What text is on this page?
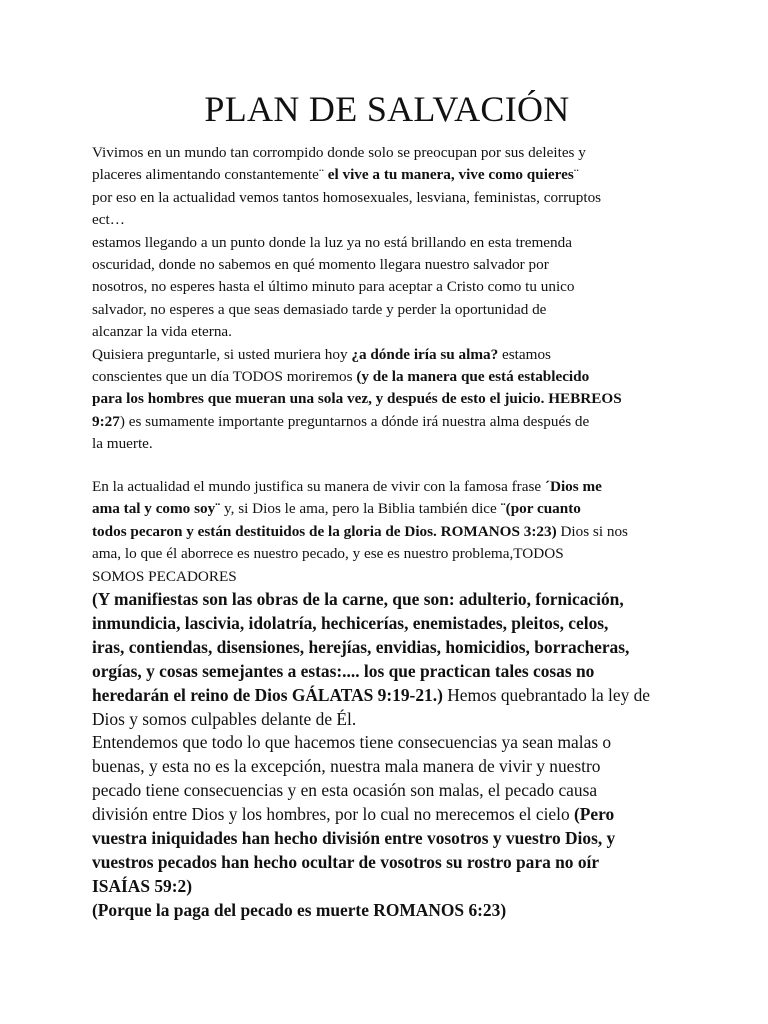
PLAN DE SALVACIÓN

Vivimos en un mundo tan corrompido donde solo se preocupan por sus deleites y
placeres alimentando constantemente¨ el vive a tu manera, vive como quieres¨
por eso en la actualidad vemos tantos homosexuales, lesviana, feministas, corruptos
ect…
estamos llegando a un punto donde la luz ya no está brillando en esta tremenda
oscuridad, donde no sabemos en qué momento llegara nuestro salvador por
nosotros, no esperes hasta el último minuto para aceptar a Cristo como tu unico
salvador, no esperes a que seas demasiado tarde y perder la oportunidad de
alcanzar la vida eterna.
Quisiera preguntarle, si usted muriera hoy ¿a dónde iría su alma? estamos
conscientes que un día TODOS moriremos (y de la manera que está establecido
para los hombres que mueran una sola vez, y después de esto el juicio. HEBREOS
9:27) es sumamente importante preguntarnos a dónde irá nuestra alma después de
la muerte.

En la actualidad el mundo justifica su manera de vivir con la famosa frase ´Dios me
ama tal y como soy¨ y, si Dios le ama, pero la Biblia también dice ¨(por cuanto
todos pecaron y están destituidos de la gloria de Dios. ROMANOS 3:23) Dios si nos
ama, lo que él aborrece es nuestro pecado, y ese es nuestro problema,TODOS
SOMOS PECADORES

(Y manifiestas son las obras de la carne, que son: adulterio, fornicación,
inmundicia, lascivia, idolatría, hechicerías, enemistades, pleitos, celos,
iras, contiendas, disensiones, herejías, envidias, homicidios, borracheras,
orgías, y cosas semejantes a estas:.... los que practican tales cosas no
heredarán el reino de Dios GÁLATAS 9:19-21.) Hemos quebrantado la ley de
Dios y somos culpables delante de Él.
Entendemos que todo lo que hacemos tiene consecuencias ya sean malas o
buenas, y esta no es la excepción, nuestra mala manera de vivir y nuestro
pecado tiene consecuencias y en esta ocasión son malas, el pecado causa
división entre Dios y los hombres, por lo cual no merecemos el cielo (Pero
vuestra iniquidades han hecho división entre vosotros y vuestro Dios, y
vuestros pecados han hecho ocultar de vosotros su rostro para no oír
ISAÍAS 59:2)
(Porque la paga del pecado es muerte ROMANOS 6:23)
